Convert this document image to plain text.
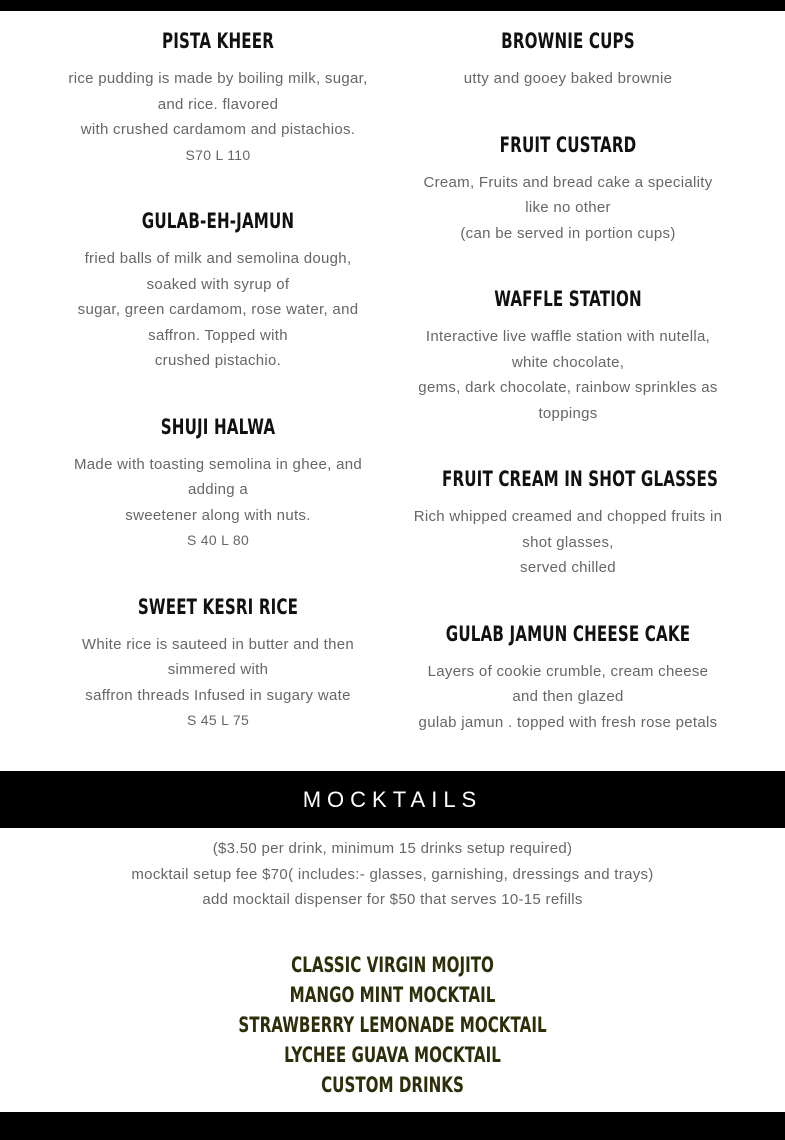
PISTA KHEER
rice pudding is made by boiling milk, sugar,
and rice. flavored
with crushed cardamom and pistachios.
S70 L 110
GULAB-EH-JAMUN
fried balls of milk and semolina dough,
soaked with syrup of
sugar, green cardamom, rose water, and
saffron. Topped with
crushed pistachio.
SHUJI HALWA
Made with toasting semolina in ghee, and
adding a
sweetener along with nuts.
S 40 L 80
SWEET KESRI RICE
White rice is sauteed in butter and then
simmered with
saffron threads Infused in sugary wate
S 45 L 75
BROWNIE CUPS
utty and gooey baked brownie
FRUIT CUSTARD
Cream, Fruits and bread cake a speciality
like no other
(can be served in portion cups)
WAFFLE STATION
Interactive live waffle station with nutella,
white chocolate,
gems, dark chocolate, rainbow sprinkles as
toppings
FRUIT CREAM IN SHOT GLASSES
Rich whipped creamed and chopped fruits in
shot glasses,
served chilled
GULAB JAMUN CHEESE CAKE
Layers of cookie crumble, cream cheese
and then glazed
gulab jamun . topped with fresh rose petals
MOCKTAILS
($3.50 per drink, minimum 15 drinks setup required)
mocktail setup fee $70( includes:- glasses, garnishing, dressings and trays)
add mocktail dispenser for $50 that serves 10-15 refills
CLASSIC VIRGIN MOJITO
MANGO MINT MOCKTAIL
STRAWBERRY LEMONADE MOCKTAIL
LYCHEE GUAVA MOCKTAIL
CUSTOM DRINKS
